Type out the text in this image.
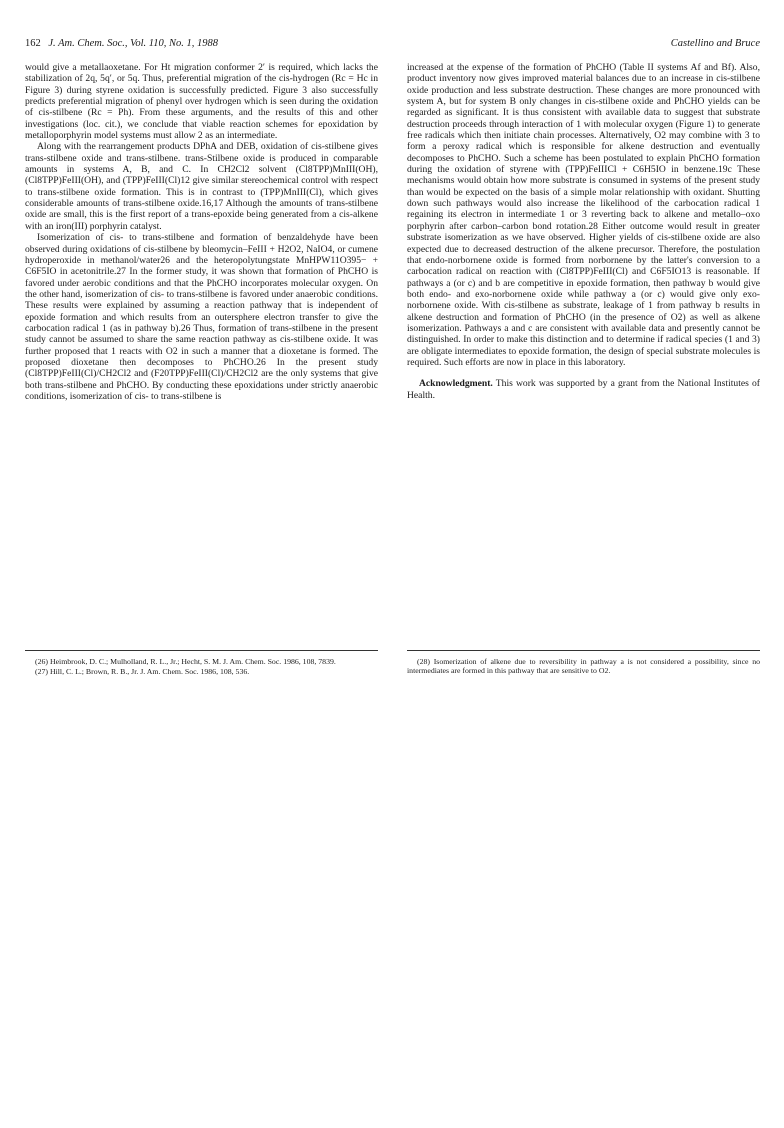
162 J. Am. Chem. Soc., Vol. 110, No. 1, 1988	Castellino and Bruce

would give a metallaoxetane. For Ht migration conformer 2′ is required, which lacks the stabilization of 2q, 5q′, or 5q. Thus, preferential migration of the cis-hydrogen (Rc = Hc in Figure 3) during styrene oxidation is successfully predicted. Figure 3 also successfully predicts preferential migration of phenyl over hydrogen which is seen during the oxidation of cis-stilbene (Rc = Ph). From these arguments, and the results of this and other investigations (loc. cit.), we conclude that viable reaction schemes for epoxidation by metalloporphyrin model systems must allow 2 as an intermediate.

Along with the rearrangement products DPhA and DEB, oxidation of cis-stilbene gives trans-stilbene oxide and trans-stilbene. trans-Stilbene oxide is produced in comparable amounts in systems A, B, and C. In CH2Cl2 solvent (Cl8TPP)MnIII(OH), (Cl8TPP)FeIII(OH), and (TPP)FeIII(Cl)12 give similar stereochemical control with respect to trans-stilbene oxide formation. This is in contrast to (TPP)MnIII(Cl), which gives considerable amounts of trans-stilbene oxide.16,17 Although the amounts of trans-stilbene oxide are small, this is the first report of a trans-epoxide being generated from a cis-alkene with an iron(III) porphyrin catalyst.

Isomerization of cis- to trans-stilbene and formation of benzaldehyde have been observed during oxidations of cis-stilbene by bleomycin–FeIII + H2O2, NaIO4, or cumene hydroperoxide in methanol/water26 and the heteropolytungstate MnHPW11O395− + C6F5IO in acetonitrile.27 In the former study, it was shown that formation of PhCHO is favored under aerobic conditions and that the PhCHO incorporates molecular oxygen. On the other hand, isomerization of cis- to trans-stilbene is favored under anaerobic conditions. These results were explained by assuming a reaction pathway that is independent of epoxide formation and which results from an outersphere electron transfer to give the carbocation radical 1 (as in pathway b).26 Thus, formation of trans-stilbene in the present study cannot be assumed to share the same reaction pathway as cis-stilbene oxide. It was further proposed that 1 reacts with O2 in such a manner that a dioxetane is formed. The proposed dioxetane then decomposes to PhCHO.26 In the present study (Cl8TPP)FeIII(Cl)/CH2Cl2 and (F20TPP)FeIII(Cl)/CH2Cl2 are the only systems that give both trans-stilbene and PhCHO. By conducting these epoxidations under strictly anaerobic conditions, isomerization of cis- to trans-stilbene is

increased at the expense of the formation of PhCHO (Table II systems Af and Bf). Also, product inventory now gives improved material balances due to an increase in cis-stilbene oxide production and less substrate destruction. These changes are more pronounced with system A, but for system B only changes in cis-stilbene oxide and PhCHO yields can be regarded as significant. It is thus consistent with available data to suggest that substrate destruction proceeds through interaction of 1 with molecular oxygen (Figure 1) to generate free radicals which then initiate chain processes. Alternatively, O2 may combine with 3 to form a peroxy radical which is responsible for alkene destruction and eventually decomposes to PhCHO. Such a scheme has been postulated to explain PhCHO formation during the oxidation of styrene with (TPP)FeIIICl + C6H5IO in benzene.19c These mechanisms would obtain how more substrate is consumed in systems of the present study than would be expected on the basis of a simple molar relationship with oxidant. Shutting down such pathways would also increase the likelihood of the carbocation radical 1 regaining its electron in intermediate 1 or 3 reverting back to alkene and metallo–oxo porphyrin after carbon–carbon bond rotation.28 Either outcome would result in greater substrate isomerization as we have observed. Higher yields of cis-stilbene oxide are also expected due to decreased destruction of the alkene precursor. Therefore, the postulation that endo-norbornene oxide is formed from norbornene by the latter's conversion to a carbocation radical on reaction with (Cl8TPP)FeIII(Cl) and C6F5IO13 is reasonable. If pathways a (or c) and b are competitive in epoxide formation, then pathway b would give both endo- and exo-norbornene oxide while pathway a (or c) would give only exo-norbornene oxide. With cis-stilbene as substrate, leakage of 1 from pathway b results in alkene destruction and formation of PhCHO (in the presence of O2) as well as alkene isomerization. Pathways a and c are consistent with available data and presently cannot be distinguished. In order to make this distinction and to determine if radical species (1 and 3) are obligate intermediates to epoxide formation, the design of special substrate molecules is required. Such efforts are now in place in this laboratory.

Acknowledgment. This work was supported by a grant from the National Institutes of Health.

(26) Heimbrook, D. C.; Mulholland, R. L., Jr.; Hecht, S. M. J. Am. Chem. Soc. 1986, 108, 7839.

(27) Hill, C. L.; Brown, R. B., Jr. J. Am. Chem. Soc. 1986, 108, 536.

(28) Isomerization of alkene due to reversibility in pathway a is not considered a possibility, since no intermediates are formed in this pathway that are sensitive to O2.
